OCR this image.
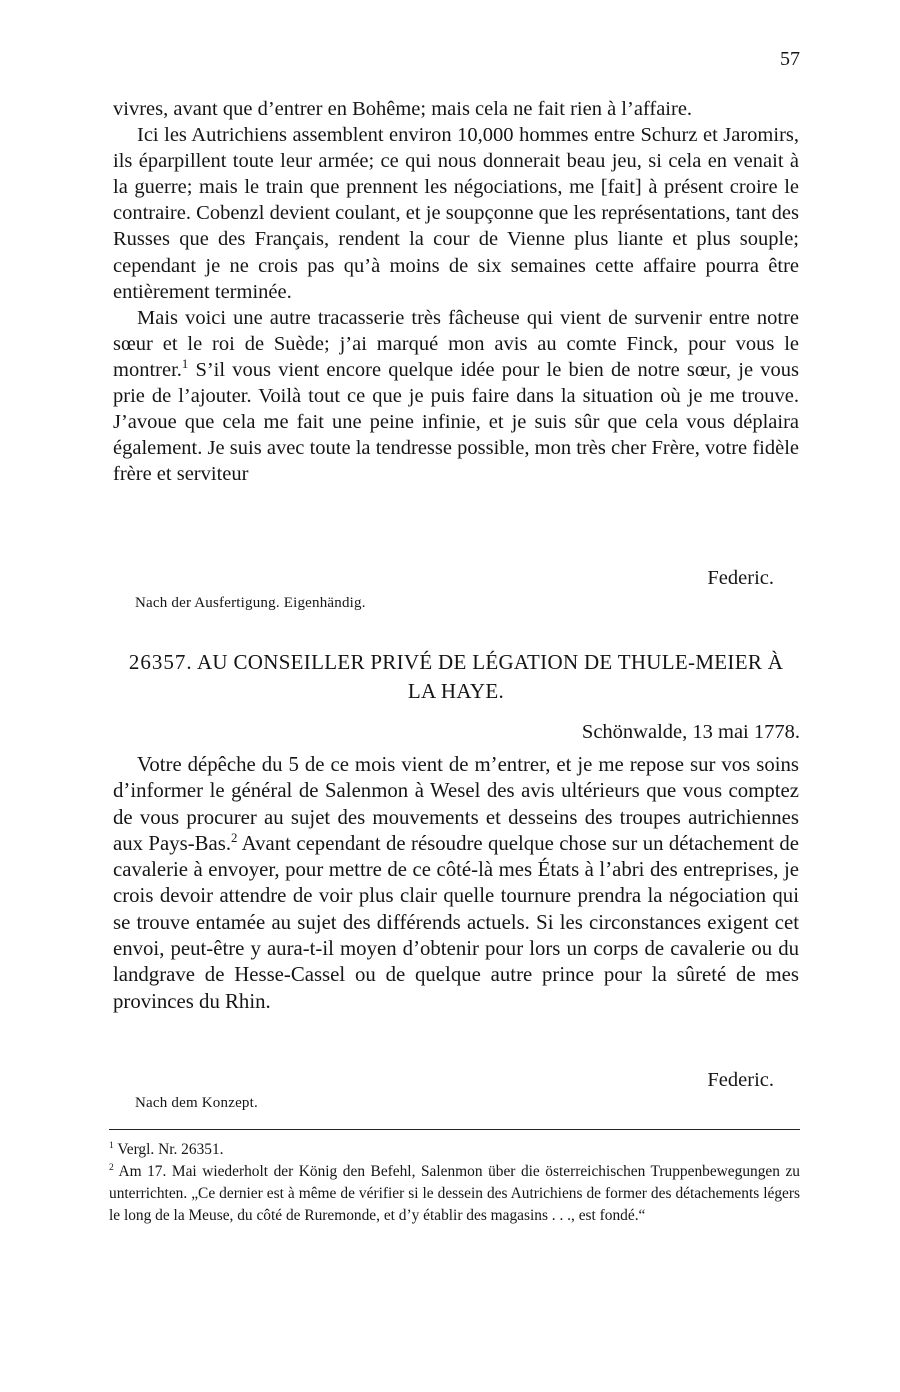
57

vivres, avant que d’entrer en Bohême; mais cela ne fait rien à l’affaire.

Ici les Autrichiens assemblent environ 10,000 hommes entre Schurz et Jaromirs, ils éparpillent toute leur armée; ce qui nous donnerait beau jeu, si cela en venait à la guerre; mais le train que prennent les négociations, me [fait] à présent croire le contraire. Cobenzl devient coulant, et je soupçonne que les représentations, tant des Russes que des Français, rendent la cour de Vienne plus liante et plus souple; cependant je ne crois pas qu’à moins de six semaines cette affaire pourra être entièrement terminée.

Mais voici une autre tracasserie très fâcheuse qui vient de survenir entre notre sœur et le roi de Suède; j’ai marqué mon avis au comte Finck, pour vous le montrer.$^1$ S’il vous vient encore quelque idée pour le bien de notre sœur, je vous prie de l’ajouter. Voilà tout ce que je puis faire dans la situation où je me trouve. J’avoue que cela me fait une peine infinie, et je suis sûr que cela vous déplaira également. Je suis avec toute la tendresse possible, mon très cher Frère, votre fidèle frère et serviteur

Federic.
Nach der Ausfertigung. Eigenhändig.
26357. AU CONSEILLER PRIVÉ DE LÉGATION DE THULE-MEIER À LA HAYE.
Schönwalde, 13 mai 1778.

Votre dépêche du 5 de ce mois vient de m’entrer, et je me repose sur vos soins d’informer le général de Salenmon à Wesel des avis ultérieurs que vous comptez de vous procurer au sujet des mouvements et desseins des troupes autrichiennes aux Pays-Bas.$^2$ Avant cependant de résoudre quelque chose sur un détachement de cavalerie à envoyer, pour mettre de ce côté-là mes États à l’abri des entreprises, je crois devoir attendre de voir plus clair quelle tournure prendra la négociation qui se trouve entamée au sujet des différends actuels. Si les circonstances exigent cet envoi, peut-être y aura-t-il moyen d’obtenir pour lors un corps de cavalerie ou du landgrave de Hesse-Cassel ou de quelque autre prince pour la sûreté de mes provinces du Rhin.

Federic.
Nach dem Konzept.
$^1$ Vergl. Nr. 26351.
$^2$ Am 17. Mai wiederholt der König den Befehl, Salenmon über die österreichischen Truppenbewegungen zu unterrichten. „Ce dernier est à même de vérifier si le dessein des Autrichiens de former des détachements légers le long de la Meuse, du côté de Ruremonde, et d’y établir des magasins . . ., est fondé.“
